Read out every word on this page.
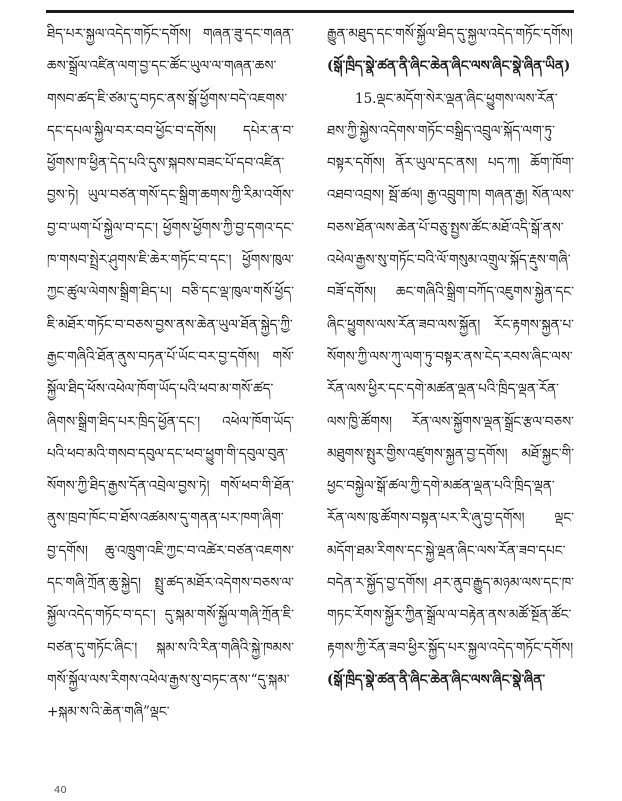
ཐིད་པར་སྐྱལ་འདེད་གཏོང་དགོས། གཞན་ཟུ་དང་གཞན་ཆས་སྒྲོལ་འཛིན་ལག་བྱ་དང་ཚོང་ཡུལ་ལ་གཞན་ཆས་གསབ་ཚད་ཇི་ཙམ་དུ་བཏང་ནས་སྒོ་ཕྱོགས་བདེ་འཇགས་དང་དཔལ་སྐྱིལ་བར་བབ་ཕྱོང་བ་དགོས། དཔེར་ན་བ་ཕྱོགས་ཁ་ཕྱིན་དེད་པའི་དུས་སྐབས་བཟང་པོ་དབ་འཛིན་བྱས་ཏེ། ཡུལ་བཙན་གསོ་དང་སྒྲིག་ཆགས་ཀྱི་རིམ་འགོས་བྱ་བ་ཡག་པོ་སྐྱེལ་བ་དང་། ཕྱོགས་ཕྱོགས་ཀྱི་བྱ་དགའ་དང་ཁ་གསབ་སྤྲེར་ཤུགས་ཇི་ཆེར་གཏོང་བ་དང་། ཕྱོགས་ཁུལ་ཀྱང་ཚུལ་ལེགས་སྒྲིག་ཐིད་པ། བཅི་དང་ལྡ་ཁུལ་གསོ་ཕྱོད་ཇི་མཐོར་གཏོང་བ་བཅས་བྱས་ནས་ཆེན་ཡུལ་ཐོན་སྐྱེད་ཀྱི་རྒྱང་གཞིའི་ཐོན་ནུས་བཏན་པོ་ཡོང་བར་བྱ་དགོས། གསོ་སྐྱོལ་ཐིད་ཕོས་འཕེལ་ཁོག་ཡོད་པའི་ཕབ་མ་གསོ་ཚད་ཞིགས་སྒྲིག་ཐིད་པར་ཁྲིད་ཕྱོན་དང་། འཕེལ་ཁོག་ཡོད་པའི་ཕབ་མའི་གསབ་དབུལ་དང་ཕབ་ཕྱུག་གི་དབུལ་བུན་སོགས་ཀྱི་ཐིད་རྒྱས་དོན་འབྲེལ་བྱས་ཏེ། གསོ་ཕབ་གི་ཐོན་ནུས་ཁྲབ་ཁོང་བ་ཐོས་འཚམས་དུ་གནན་པར་ཁག་ཞིག་བྱ་དགོས། ཆུ་འཁྲུག་འཇི་ཀྱང་བ་འཚེར་བཙན་འཇགས་དང་གཞི་ཀྲོན་ཆུ་སྐྱེད། སྤྲུ་ཚད་མཐོར་འདེགས་བཅས་ལ་སྐྱོལ་འདེད་གཏོང་བ་དང་། དུ་སྐམ་གསོ་སྐྱོལ་གཞི་ཀྲོན་ཇི་བཙན་དུ་གཏོང་ཞིང་། སྐམ་ས་འི་རིན་གཞིའི་སྐྱེ་ཁམས་གསོ་སྐྱོལ་ལས་རིགས་འཕེལ་རྒྱས་སུ་བཏང་ནས་“དུ་སྐམ་+སྐམ་ས་འི་ཆེན་གཞི”ལྡང་

རྒྱུན་མཐུད་དང་གསོ་སྐྱོལ་ཐིད་དུ་སྐྱལ་འདེད་གཏོང་དགོས།(སྒོ་ཁྲིད་སྣེ་ཚན་ནི་ཞིང་ཆེན་ཞིང་ལས་ཞིང་སྣེ་ཞིན་ཡིན)

15.ལྡང་མདོག་སེར་ལྡན་ཞིང་ཕྱུགས་ལས་རོན་ཐས་ཀྱི་སྐྱེས་འདེགས་གཏོང་བསྒྲིད་འབྲུལ་སྐོད་ལག་ཏུ་བསྟར་དགོས། ནོར་ཡུལ་དང་ནས། པད་ཀ། ཆོག་ཁོག་འཐབ་འབྲས། སྦོ་ཚལ། རྒྱ་འབྲུག་ཁ། གཞན་རྒྱ། སོན་ལས་བཅས་ཐོན་ལས་ཆེན་པོ་བཅུ་སྤྱས་ཚོང་མཐོ་འདི་སྒོ་ནས་འཕེལ་རྒྱས་སུ་གཏོང་བའི་ལོ་གསུམ་འགྲུལ་སྐོད་རྡུས་གཞི་བཟོ་དགོས། ཆང་གཞིའི་སྒྲིག་བཀོད་འཇུགས་སྐྱེན་དང་ཞིང་ཕྱུགས་ལས་རོན་ཟབ་ལས་སྐྱོན། རོང་རྟགས་སྐྱན་པ་སོགས་ཀྱི་ལས་ཀུ་ལག་ཏུ་བསྟར་ནས་ངེད་རབས་ཞིང་ལས་རོན་ལས་ཕྱིར་དང་དགེ་མཚན་ལྡན་པའི་ཁྲིད་ལྡན་རོན་ལས་ཁྱི་ཚོགས། རོན་ལས་སྐྱོགས་ལྡན་སྒྲོང་རྩལ་བཅས་མཐུགས་སྤུར་གྱིས་འཛུགས་སྐྱན་བྱ་དགོས། མཐོ་སྐྱང་གི་ཕྱང་བསྐྱེལ་སྒོ་ཚལ་ཀྱི་དགེ་མཚན་ལྡན་པའི་ཁྲིད་ལྡན་རོན་ལས་ཁུ་ཚོགས་བསྟན་པར་རི་ཞུ་བྱ་དགོས། ལྡང་མདོག་ཐམ་རིགས་དང་སྐྱེ་ལྡན་ཞིང་ལས་རོན་ཟབ་དཔང་བདེན་ར་སྐྱོད་བྱ་དགོས། ཤར་ནུབ་རྒྱུད་མཉམ་ལས་དང་ཁ་གཏང་རོགས་སྐྱོར་ཀྱིན་སྒྲོལ་ལ་བརྟེན་ནས་མཚོ་སྔོན་ཚོང་རྟགས་ཀྱི་རོན་ཟབ་ཕྱིར་སྐྱོད་པར་སྐྱལ་འདེད་གཏོང་དགོས།(སྒོ་ཁྲིད་སྣེ་ཚན་ནི་ཞིང་ཆེན་ཞིང་ལས་ཞིང་སྣེ་ཞིན་

40
